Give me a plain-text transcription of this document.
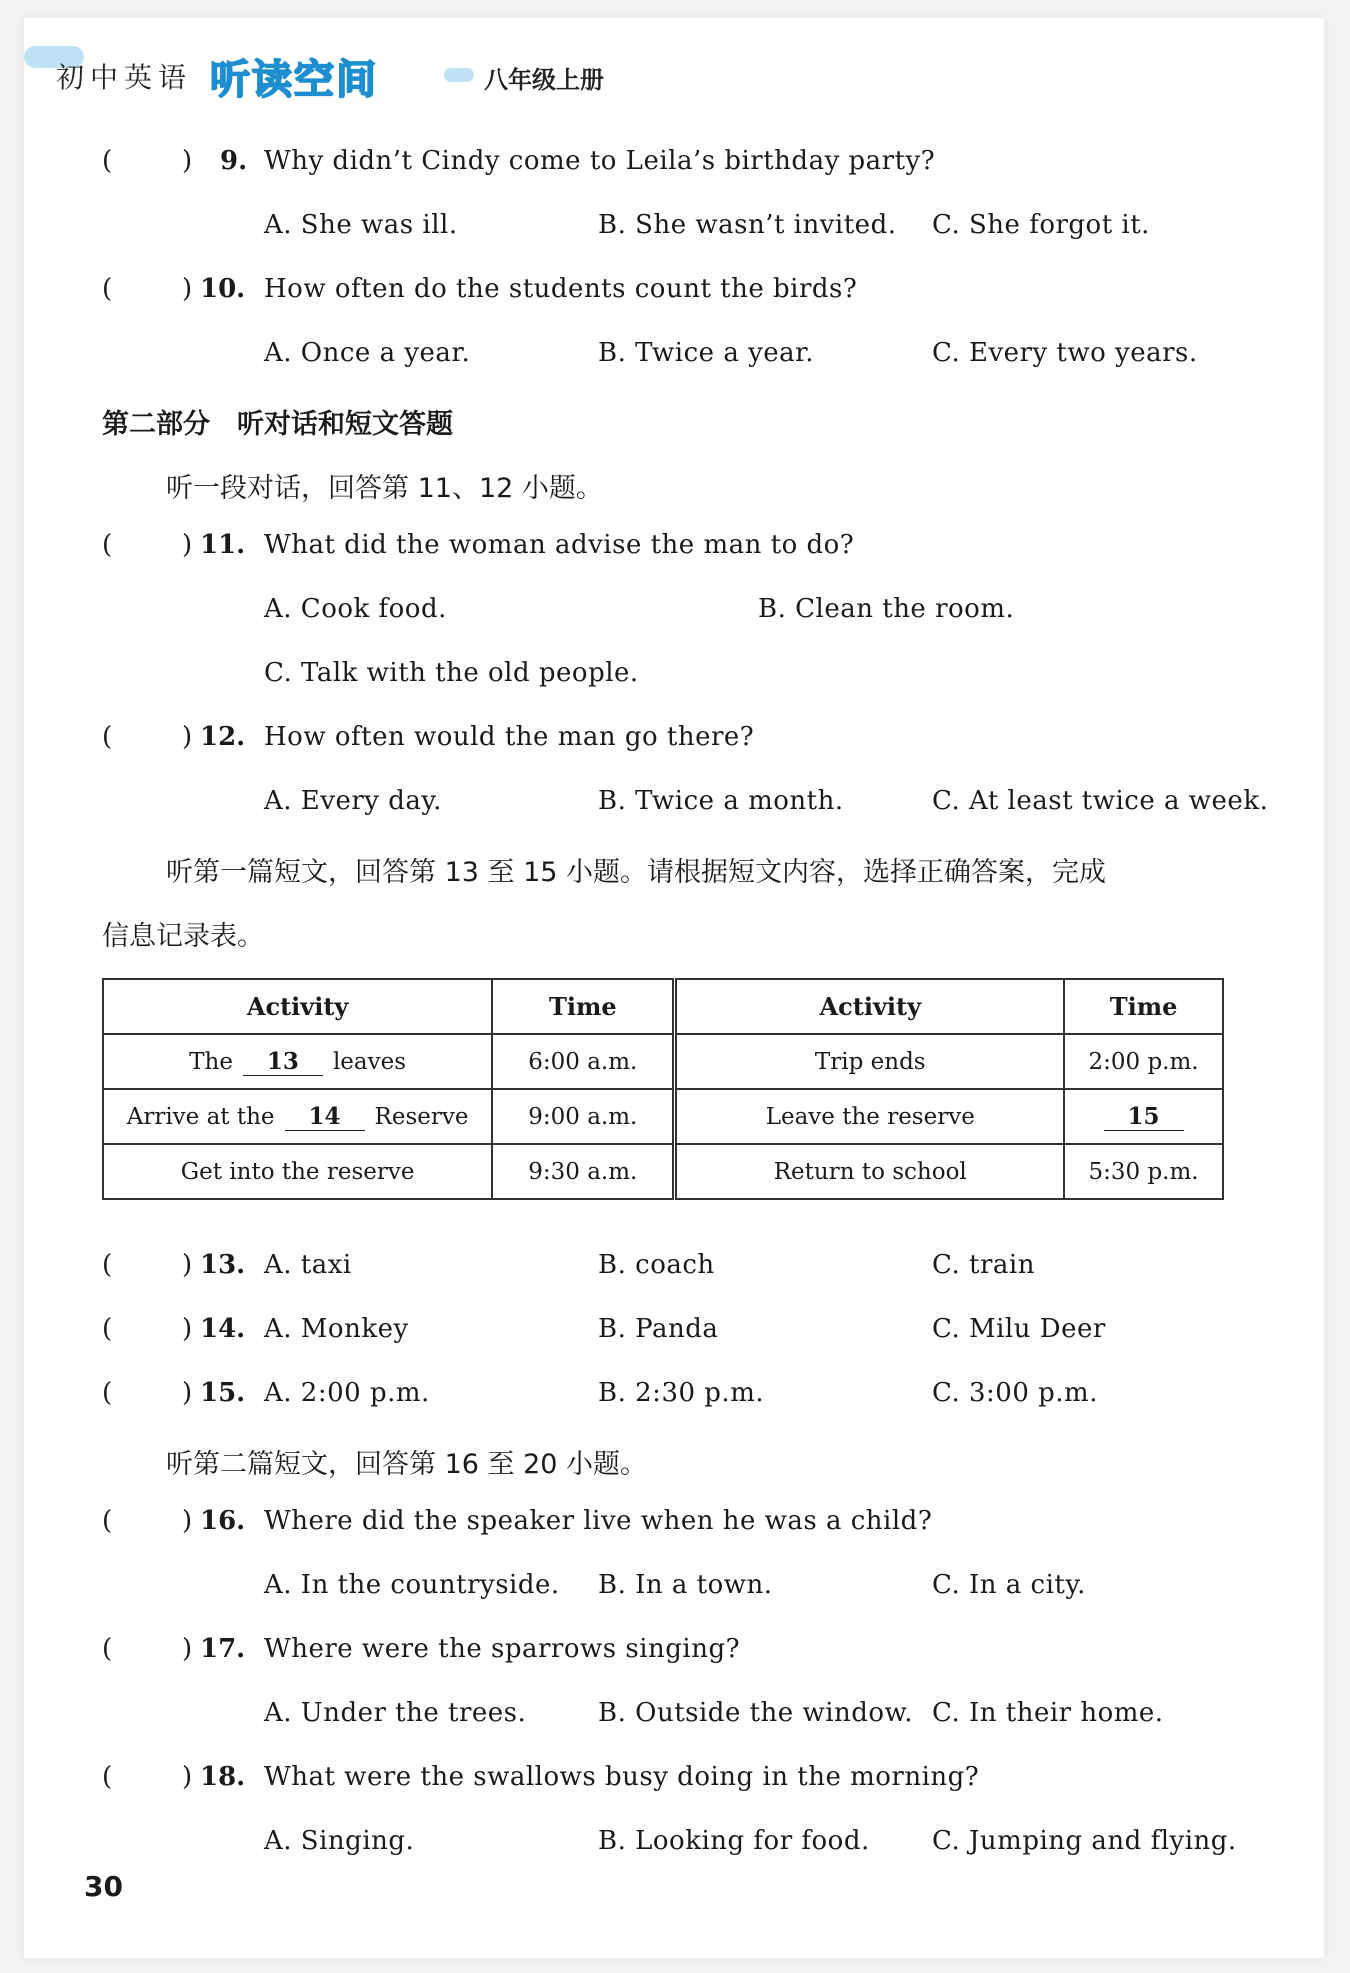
初中英语 听读空间	八年级上册
(	) 9. Why didn’t Cindy come to Leila’s birthday party?
A. She was ill.	B. She wasn’t invited. C. She forgot it.
(	) 10. How often do the students count the birds?
A. Once a year.	B. Twice a year.	C. Every two years.
第二部分　听对话和短文答题
听一段对话，回答第 11、12 小题。
(	) 11. What did the woman advise the man to do?
A. Cook food.	B. Clean the room.
C. Talk with the old people.
(	) 12. How often would the man go there?
A. Every day.	B. Twice a month.	C. At least twice a week.
听第一篇短文，回答第 13 至 15 小题。请根据短文内容，选择正确答案，完成
信息记录表。
Activity	Time	Activity	Time
The 13 leaves	6:00 a.m.	Trip ends	2:00 p.m.
Arrive at the 14 Reserve	9:00 a.m.	Leave the reserve	15
Get into the reserve	9:30 a.m.	Return to school	5:30 p.m.
(	) 13. A. taxi	B. coach	C. train
(	) 14. A. Monkey	B. Panda	C. Milu Deer
(	) 15. A. 2:00 p.m.	B. 2:30 p.m.	C. 3:00 p.m.
听第二篇短文，回答第 16 至 20 小题。
(	) 16. Where did the speaker live when he was a child?
A. In the countryside. B. In a town.	C. In a city.
(	) 17. Where were the sparrows singing?
A. Under the trees.	B. Outside the window. C. In their home.
(	) 18. What were the swallows busy doing in the morning?
A. Singing.	B. Looking for food. C. Jumping and flying.
30
